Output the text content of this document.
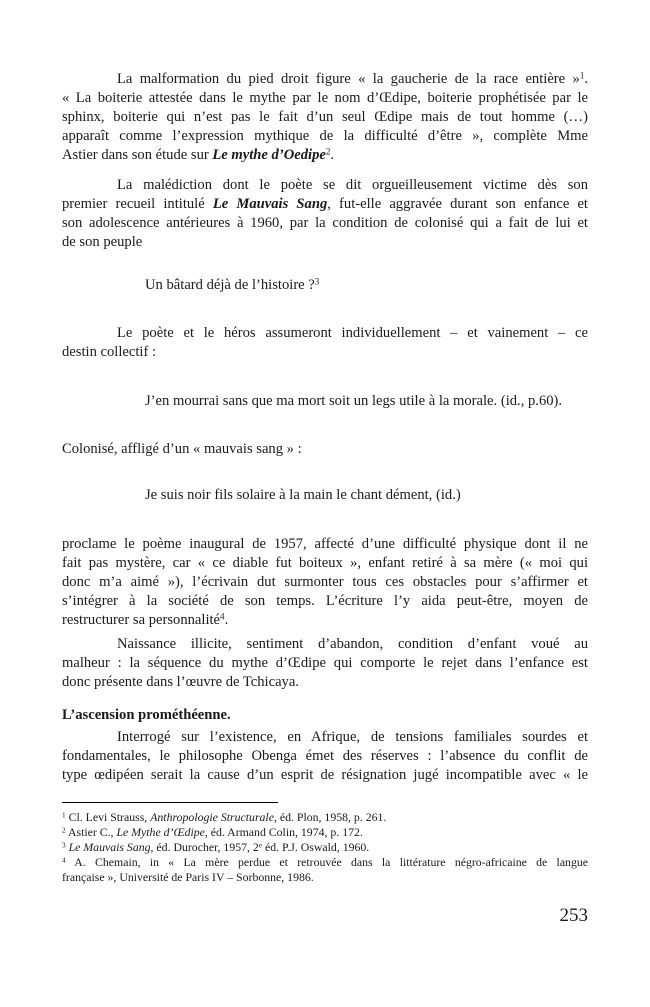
253
La malformation du pied droit figure « la gaucherie de la race entière »$^1$.
« La boiterie attestée dans le mythe par le nom d’Œdipe, boiterie prophétisée par le
sphinx, boiterie qui n’est pas le fait d’un seul Œdipe mais de tout homme (…)
apparaît comme l’expression mythique de la difficulté d’être », complète Mme
Astier dans son étude sur Le mythe d’Oedipe$^2$.
La malédiction dont le poète se dit orgueilleusement victime dès son
premier recueil intitulé Le Mauvais Sang, fut-elle aggravée durant son enfance et
son adolescence antérieures à 1960, par la condition de colonisé qui a fait de lui et
de son peuple
Un bâtard déjà de l’histoire ?$^3$
Le poète et le héros assumeront individuellement – et vainement – ce
destin collectif :
J’en mourrai sans que ma mort soit un legs utile à la morale. (id., p.60).
Colonisé, affligé d’un « mauvais sang » :
Je suis noir fils solaire à la main le chant dément, (id.)
proclame le poème inaugural de 1957, affecté d’une difficulté physique dont il ne
fait pas mystère, car « ce diable fut boiteux », enfant retiré à sa mère (« moi qui
donc m’a aimé »), l’écrivain dut surmonter tous ces obstacles pour s’affirmer et
s’intégrer à la société de son temps. L’écriture l’y aida peut-être, moyen de
restructurer sa personnalité$^4$.
Naissance illicite, sentiment d’abandon, condition d’enfant voué au
malheur : la séquence du mythe d’Œdipe qui comporte le rejet dans l’enfance est
donc présente dans l’œuvre de Tchicaya.
L’ascension prométhéenne.
Interrogé sur l’existence, en Afrique, de tensions familiales sourdes et
fondamentales, le philosophe Obenga émet des réserves : l’absence du conflit de
type œdipéen serait la cause d’un esprit de résignation jugé incompatible avec « le
$^1$ Cl. Levi Strauss, Anthropologie Structurale, éd. Plon, 1958, p. 261.
$^2$ Astier C., Le Mythe d’Œdipe, éd. Armand Colin, 1974, p. 172.
$^3$ Le Mauvais Sang, éd. Durocher, 1957, 2e éd. P.J. Oswald, 1960.
$^4$ A. Chemain, in « La mère perdue et retrouvée dans la littérature négro-africaine de langue
française », Université de Paris IV – Sorbonne, 1986.
